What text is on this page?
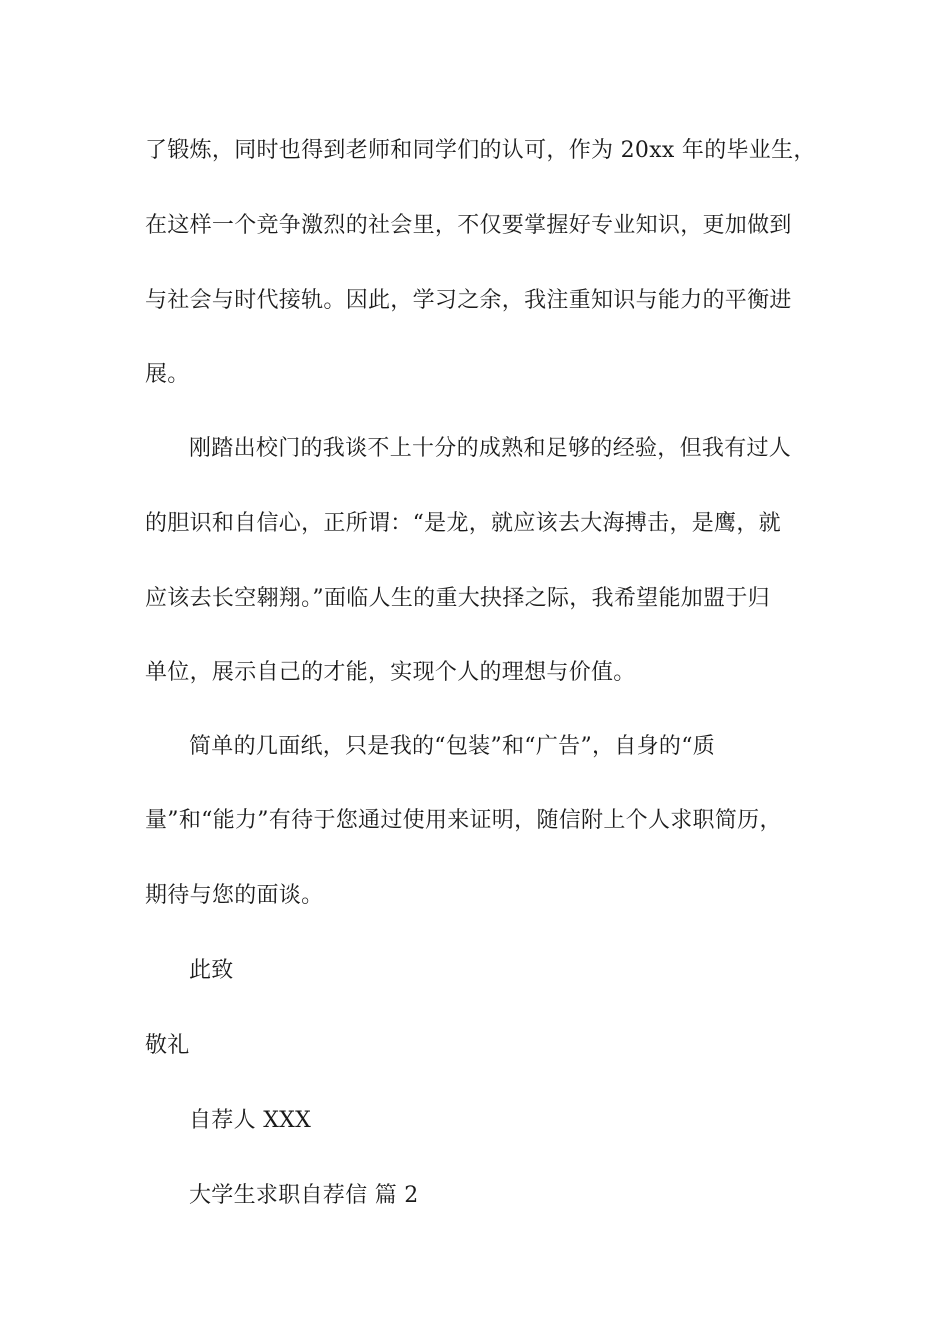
了锻炼，同时也得到老师和同学们的认可，作为 20xx 年的毕业生，
在这样一个竞争激烈的社会里，不仅要掌握好专业知识，更加做到
与社会与时代接轨。因此，学习之余，我注重知识与能力的平衡进
展。
刚踏出校门的我谈不上十分的成熟和足够的经验，但我有过人
的胆识和自信心，正所谓：“是龙，就应该去大海搏击，是鹰，就
应该去长空翱翔。”面临人生的重大抉择之际，我希望能加盟于归
单位，展示自己的才能，实现个人的理想与价值。
简单的几面纸，只是我的“包装”和“广告”，自身的“质
量”和“能力”有待于您通过使用来证明，随信附上个人求职简历，
期待与您的面谈。
此致
敬礼
自荐人 XXX
大学生求职自荐信 篇 2
